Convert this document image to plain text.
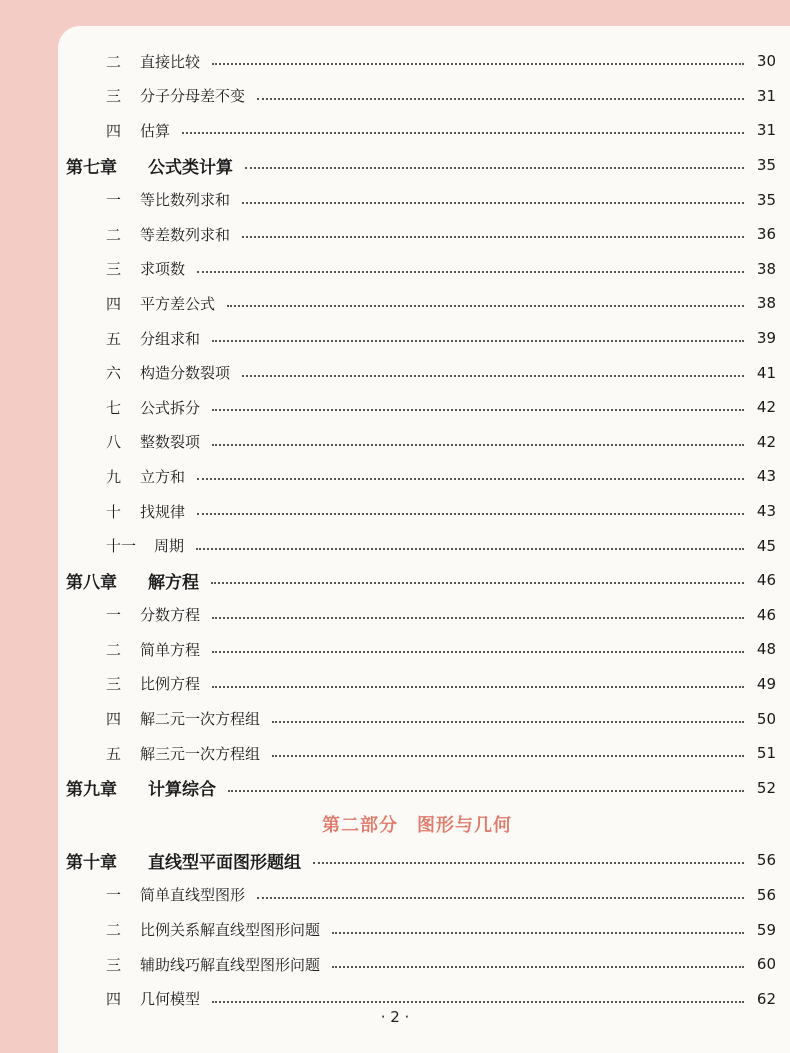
二	直接比较	30
三	分子分母差不变	31
四	估算	31
第七章	公式类计算	35
一	等比数列求和	35
二	等差数列求和	36
三	求项数	38
四	平方差公式	38
五	分组求和	39
六	构造分数裂项	41
七	公式拆分	42
八	整数裂项	42
九	立方和	43
十	找规律	43
十一	周期	45
第八章	解方程	46
一	分数方程	46
二	简单方程	48
三	比例方程	49
四	解二元一次方程组	50
五	解三元一次方程组	51
第九章	计算综合	52
第二部分　图形与几何
第十章	直线型平面图形题组	56
一	简单直线型图形	56
二	比例关系解直线型图形问题	59
三	辅助线巧解直线型图形问题	60
四	几何模型	62
· 2 ·
